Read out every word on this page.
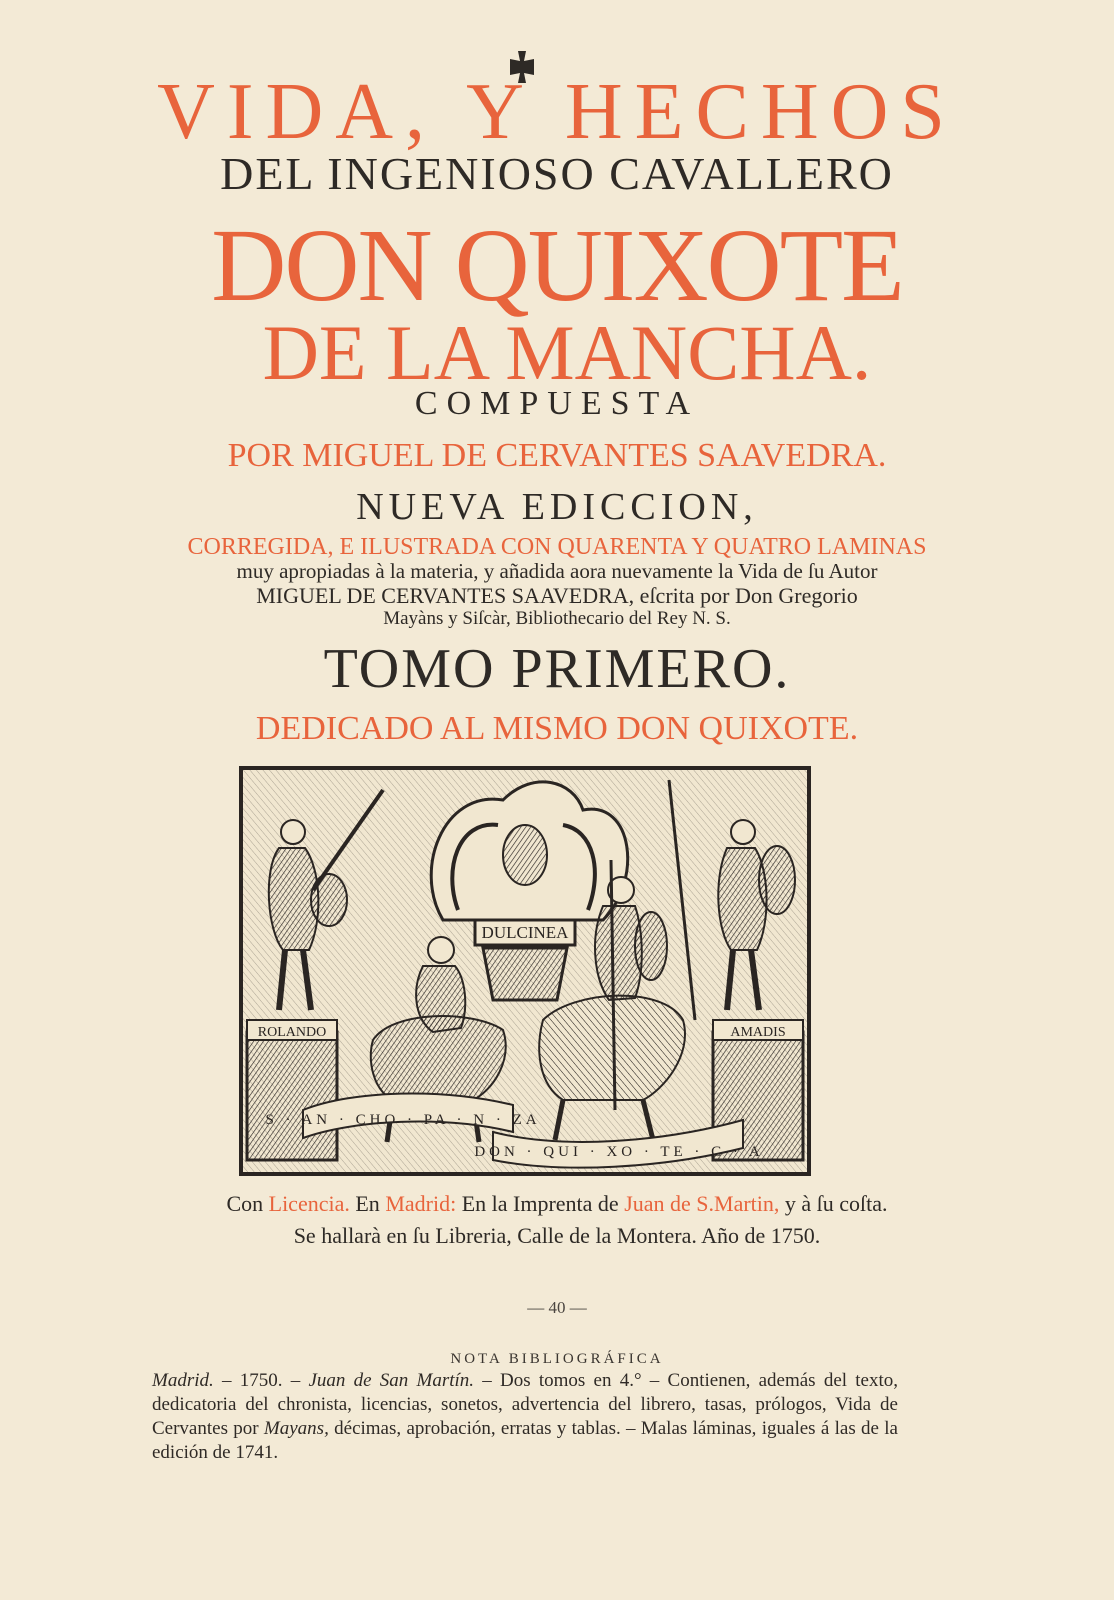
VIDA, Y HECHOS
DEL INGENIOSO CAVALLERO
DON QUIXOTE
DE LA MANCHA.
COMPUESTA
POR MIGUEL DE CERVANTES SAAVEDRA.
NUEVA EDICCION,
CORREGIDA, E ILUSTRADA CON QUARENTA Y QUATRO LAMINAS
muy apropiadas à la materia, y añadida aora nuevamente la Vida de ſu Autor
MIGUEL DE CERVANTES SAAVEDRA, eſcrita por Don Gregorio
Mayàns y Siſcàr, Bibliothecario del Rey N. S.
TOMO PRIMERO.
DEDICADO AL MISMO DON QUIXOTE.
DULCINEA
ROLANDO	AMADIS
S · AN · CHO · PA · N · ZA
DON · QUI · XO · TE · C · A
Con Licencia. En Madrid: En la Imprenta de Juan de S.Martin, y à ſu coſta.
Se hallarà en ſu Libreria, Calle de la Montera. Año de 1750.
— 40 —
NOTA BIBLIOGRÁFICA
Madrid. – 1750. – Juan de San Martín. – Dos tomos en 4.° – Contienen, además del texto, dedicatoria del chronista, licencias, sonetos, advertencia del librero, tasas, prólogos, Vida de Cervantes por Mayans, décimas, aprobación, erratas y tablas. – Malas láminas, iguales á las de la edición de 1741.
